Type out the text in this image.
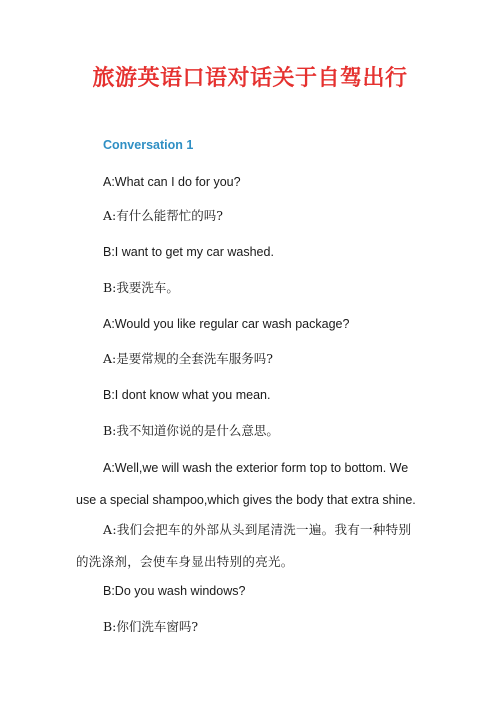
旅游英语口语对话关于自驾出行
Conversation 1
A:What can I do for you?
A:有什么能帮忙的吗?
B:I want to get my car washed.
B:我要洗车。
A:Would you like regular car wash package?
A:是要常规的全套洗车服务吗?
B:I dont know what you mean.
B:我不知道你说的是什么意思。
A:Well,we will wash the exterior form top to bottom. We use a special shampoo,which gives the body that extra shine.
A:我们会把车的外部从头到尾清洗一遍。我有一种特别的洗涤剂，会使车身显出特别的亮光。
B:Do you wash windows?
B:你们洗车窗吗?
